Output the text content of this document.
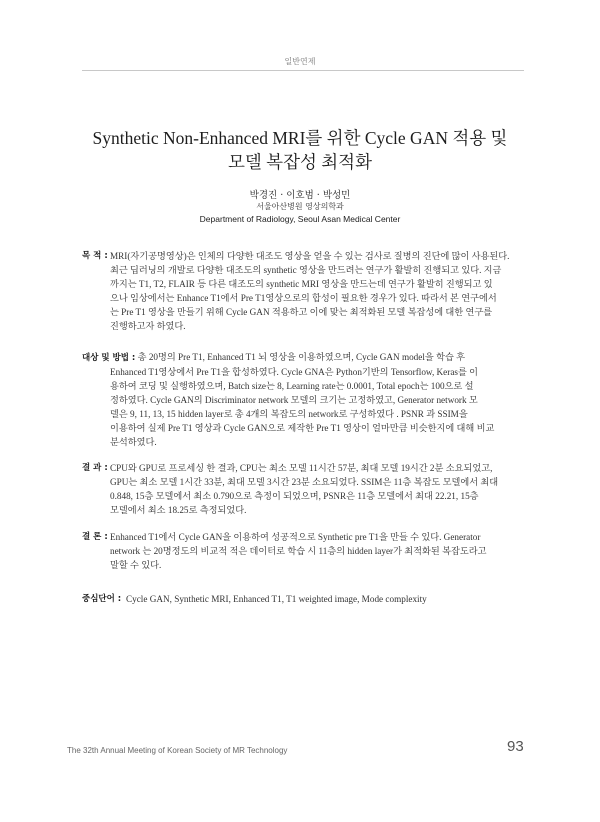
일반연제
Synthetic Non-Enhanced MRI를 위한 Cycle GAN 적용 및
모델 복잡성 최적화
박경진 · 이호범 · 박성민
서울아산병원 영상의학과
Department of Radiology, Seoul Asan Medical Center
목 적 : MRI(자기공명영상)은 인체의 다양한 대조도 영상을 얻을 수 있는 검사로 질병의 진단에 많이 사용된다.
최근 딥러닝의 개발로 다양한 대조도의 synthetic 영상을 만드려는 연구가 활발히 진행되고 있다. 지금
까지는 T1, T2, FLAIR 등 다른 대조도의 synthetic MRI 영상을 만드는데 연구가 활발히 진행되고 있
으나 임상에서는 Enhance T1에서 Pre T1영상으로의 합성이 필요한 경우가 있다. 따라서 본 연구에서
는 Pre T1 영상을 만들기 위해 Cycle GAN 적용하고 이에 맞는 최적화된 모델 복잡성에 대한 연구를
진행하고자 하였다.
대상 및 방법 : 총 20명의 Pre T1, Enhanced T1 뇌 영상을 이용하였으며, Cycle GAN model을 학습 후
Enhanced T1영상에서 Pre T1을 합성하였다. Cycle GNA은 Python기반의 Tensorflow, Keras를 이
용하여 코딩 및 실행하였으며, Batch size는 8, Learning rate는 0.0001, Total epoch는 100으로 설
정하였다. Cycle GAN의 Discriminator network 모델의 크기는 고정하였고, Generator network 모
델은 9, 11, 13, 15 hidden layer로 총 4개의 복잡도의 network로 구성하였다 . PSNR 과 SSIM을
이용하여 실제 Pre T1 영상과 Cycle GAN으로 제작한 Pre T1 영상이 얼마만큼 비슷한지에 대해 비교
분석하였다.
결 과 : CPU와 GPU로 프로세싱 한 결과, CPU는 최소 모델 11시간 57분, 최대 모델 19시간 2분 소요되었고,
GPU는 최소 모델 1시간 33분, 최대 모델 3시간 23분 소요되었다. SSIM은 11층 복잡도 모델에서 최대
0.848, 15층 모델에서 최소 0.790으로 측정이 되었으며, PSNR은 11층 모델에서 최대 22.21, 15층
모델에서 최소 18.25로 측정되었다.
결 론 : Enhanced T1에서 Cycle GAN을 이용하여 성공적으로 Synthetic pre T1을 만들 수 있다. Generator
network 는 20명정도의 비교적 적은 데이터로 학습 시 11층의 hidden layer가 최적화된 복잡도라고
말할 수 있다.
중심단어 : Cycle GAN, Synthetic MRI, Enhanced T1, T1 weighted image, Mode complexity
The 32th Annual Meeting of Korean Society of MR Technology	93
